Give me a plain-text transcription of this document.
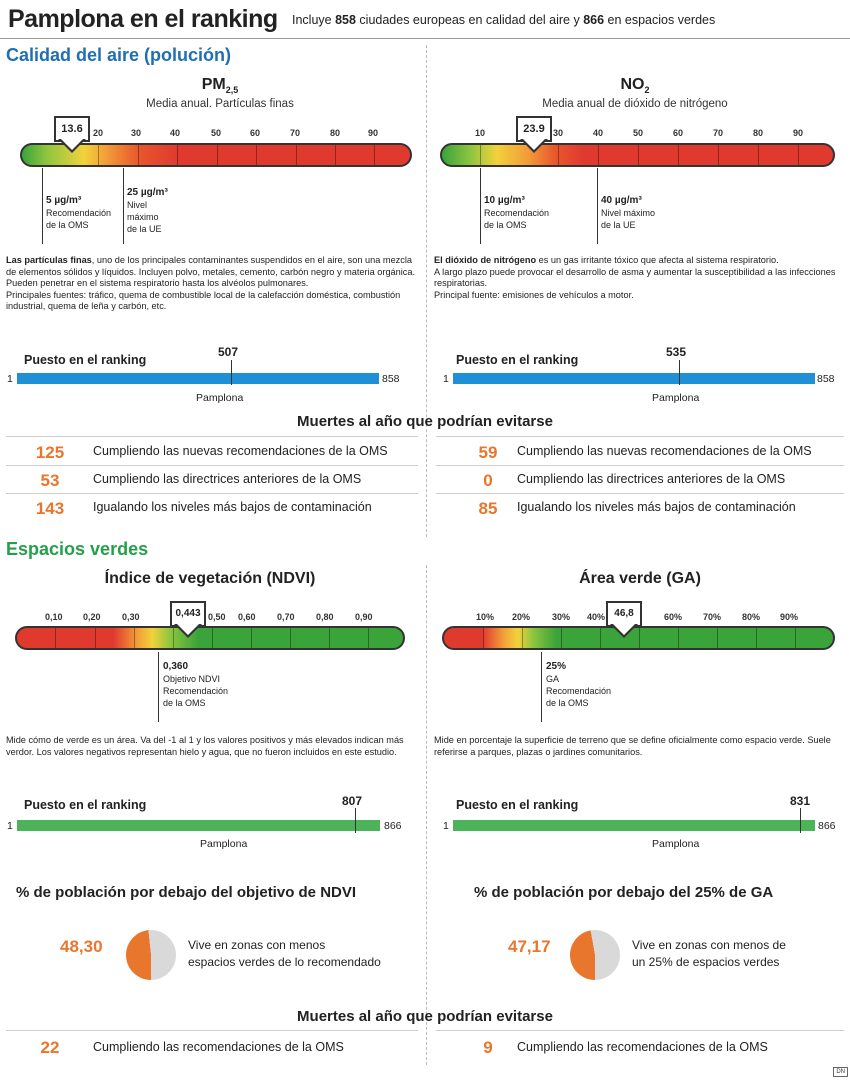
Pamplona en el ranking Incluye 858 ciudades europeas en calidad del aire y 866 en espacios verdes
Calidad del aire (polución)
$PM_{2,5}$
Media anual. Partículas finas
20	30	40	50	60	70	80	90
13.6
5 µg/m³
Recomendación
de la OMS
25 µg/m³
Nivel
máximo
de la UE
Las partículas finas, uno de los principales contaminantes suspendidos en el aire, son una mezcla de elementos sólidos y líquidos. Incluyen polvo, metales, cemento, carbón negro y materia orgánica.
Pueden penetrar en el sistema respiratorio hasta los alvéolos pulmonares.
Principales fuentes: tráfico, quema de combustible local de la calefacción doméstica, combustión industrial, quema de leña y carbón, etc.
Puesto en el ranking
507
1	858
Pamplona
$NO_2$
Media anual de dióxido de nitrógeno
10	30	40	50	60	70	80	90
23.9
10 µg/m³
Recomendación
de la OMS
40 µg/m³
Nivel máximo
de la UE
El dióxido de nitrógeno es un gas irritante tóxico que afecta al sistema respiratorio.
A largo plazo puede provocar el desarrollo de asma y aumentar la susceptibilidad a las infecciones respiratorias.
Principal fuente: emisiones de vehículos a motor.
Puesto en el ranking
535
1	858
Pamplona
Muertes al año que podrían evitarse
125	Cumpliendo las nuevas recomendaciones de la OMS
53	Cumpliendo las directrices anteriores de la OMS
143	Igualando los niveles más bajos de contaminación
59	Cumpliendo las nuevas recomendaciones de la OMS
0	Cumpliendo las directrices anteriores de la OMS
85	Igualando los niveles más bajos de contaminación
Espacios verdes
Índice de vegetación (NDVI)
0,10 0,20 0,30	0,50 0,60 0,70 0,80 0,90
0,443
0,360
Objetivo NDVI
Recomendación
de la OMS
Mide cómo de verde es un área. Va del -1 al 1 y los valores positivos y más elevados indican más verdor. Los valores negativos representan hielo y agua, que no fueron incluidos en este estudio.
Puesto en el ranking	807
1	866
Pamplona
% de población por debajo del objetivo de NDVI
48,30	Vive en zonas con menos
espacios verdes de lo recomendado
Área verde (GA)
10% 20% 30% 40%	60% 70% 80% 90%
46,8
25%
GA
Recomendación
de la OMS
Mide en porcentaje la superficie de terreno que se define oficialmente como espacio verde. Suele referirse a parques, plazas o jardines comunitarios.
Puesto en el ranking	831
1	866
Pamplona
% de población por debajo del 25% de GA
47,17	Vive en zonas con menos de
un 25% de espacios verdes
Muertes al año que podrían evitarse
22	Cumpliendo las recomendaciones de la OMS	9	Cumpliendo las recomendaciones de la OMS
DN
